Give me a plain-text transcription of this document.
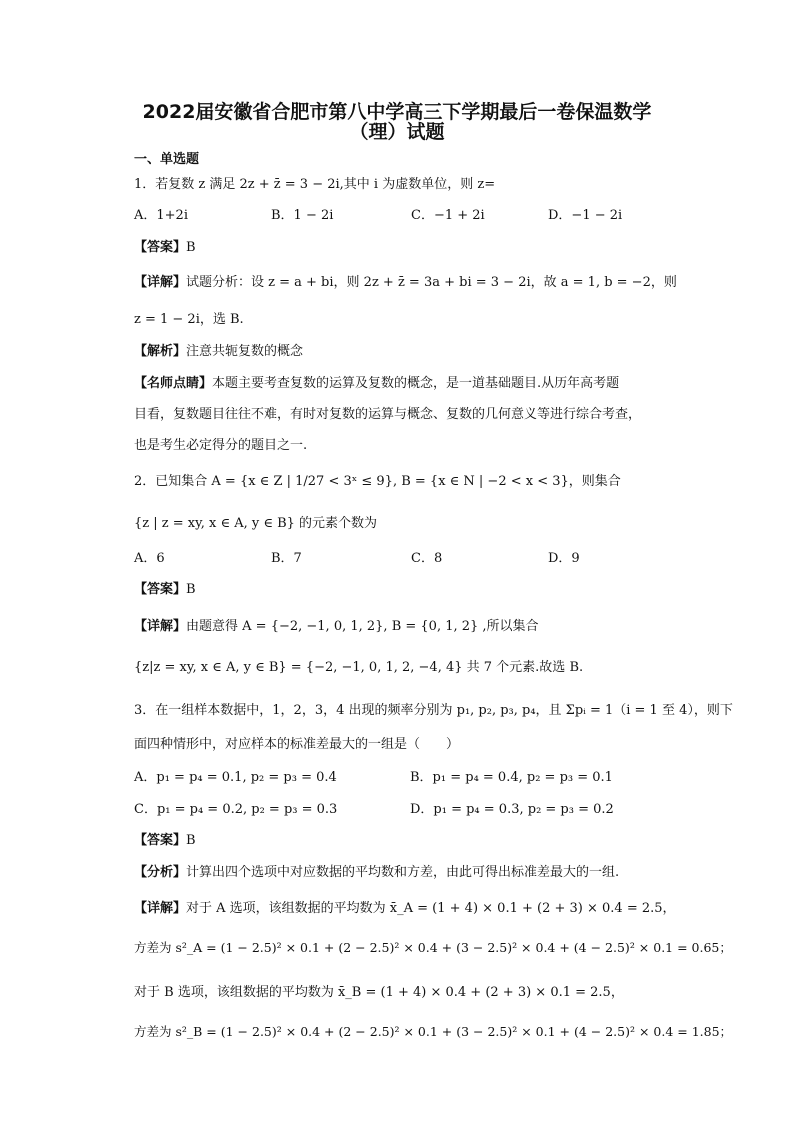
2022届安徽省合肥市第八中学高三下学期最后一卷保温数学
（理）试题
一、单选题
1．若复数 z 满足 2z + z̄ = 3 − 2i,其中 i 为虚数单位，则 z=
A．1+2i	B．1 − 2i	C．−1 + 2i	D．−1 − 2i
【答案】B
【详解】试题分析：设 z = a + bi，则 2z + z̄ = 3a + bi = 3 − 2i，故 a = 1, b = −2，则
z = 1 − 2i，选 B.
【解析】注意共轭复数的概念
【名师点睛】本题主要考查复数的运算及复数的概念，是一道基础题目.从历年高考题
目看，复数题目往往不难，有时对复数的运算与概念、复数的几何意义等进行综合考查，
也是考生必定得分的题目之一.
2．已知集合 A = {x ∈ Z | 1/27 < 3ˣ ≤ 9}, B = {x ∈ N | −2 < x < 3}，则集合
{z | z = xy, x ∈ A, y ∈ B} 的元素个数为
A．6	B．7	C．8	D．9
【答案】B
【详解】由题意得 A = {−2, −1, 0, 1, 2}, B = {0, 1, 2} ,所以集合
{z|z = xy, x ∈ A, y ∈ B} = {−2, −1, 0, 1, 2, −4, 4} 共 7 个元素.故选 B.
3．在一组样本数据中，1，2，3，4 出现的频率分别为 p₁, p₂, p₃, p₄，且 Σpᵢ = 1（i = 1 至 4），则下
面四种情形中，对应样本的标准差最大的一组是（　　）
A．p₁ = p₄ = 0.1, p₂ = p₃ = 0.4	B．p₁ = p₄ = 0.4, p₂ = p₃ = 0.1
C．p₁ = p₄ = 0.2, p₂ = p₃ = 0.3	D．p₁ = p₄ = 0.3, p₂ = p₃ = 0.2
【答案】B
【分析】计算出四个选项中对应数据的平均数和方差，由此可得出标准差最大的一组.
【详解】对于 A 选项，该组数据的平均数为 x̄_A = (1 + 4) × 0.1 + (2 + 3) × 0.4 = 2.5，
方差为 s²_A = (1 − 2.5)² × 0.1 + (2 − 2.5)² × 0.4 + (3 − 2.5)² × 0.4 + (4 − 2.5)² × 0.1 = 0.65；
对于 B 选项，该组数据的平均数为 x̄_B = (1 + 4) × 0.4 + (2 + 3) × 0.1 = 2.5，
方差为 s²_B = (1 − 2.5)² × 0.4 + (2 − 2.5)² × 0.1 + (3 − 2.5)² × 0.1 + (4 − 2.5)² × 0.4 = 1.85；
